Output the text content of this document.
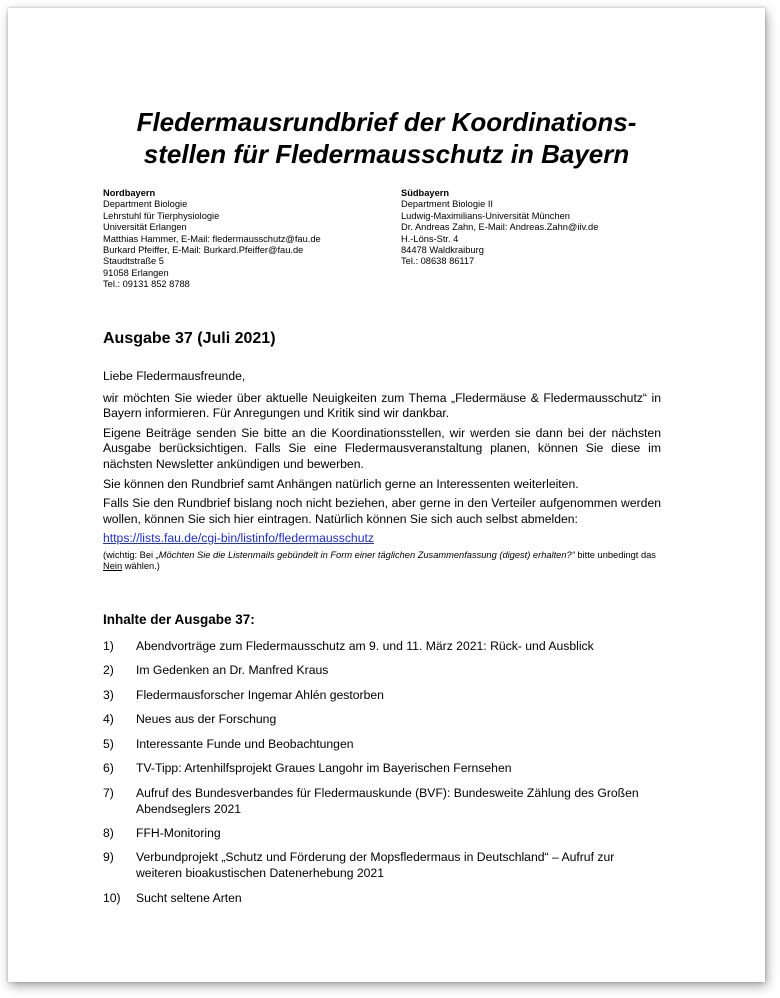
Fledermausrundbrief der Koordinations-
stellen für Fledermausschutz in Bayern
Nordbayern
Department Biologie
Lehrstuhl für Tierphysiologie
Universität Erlangen
Matthias Hammer, E-Mail: fledermausschutz@fau.de
Burkard Pfeiffer, E-Mail: Burkard.Pfeiffer@fau.de
Staudtstraße 5
91058 Erlangen
Tel.: 09131 852 8788
Südbayern
Department Biologie II
Ludwig-Maximilians-Universität München
Dr. Andreas Zahn, E-Mail: Andreas.Zahn@iiv.de
H.-Löns-Str. 4
84478 Waldkraiburg
Tel.: 08638 86117
Ausgabe 37 (Juli 2021)

Liebe Fledermausfreunde,

wir möchten Sie wieder über aktuelle Neuigkeiten zum Thema „Fledermäuse & Fledermausschutz“ in Bayern informieren. Für Anregungen und Kritik sind wir dankbar.

Eigene Beiträge senden Sie bitte an die Koordinationsstellen, wir werden sie dann bei der nächsten Ausgabe berücksichtigen. Falls Sie eine Fledermausveranstaltung planen, können Sie diese im nächsten Newsletter ankündigen und bewerben.

Sie können den Rundbrief samt Anhängen natürlich gerne an Interessenten weiterleiten.

Falls Sie den Rundbrief bislang noch nicht beziehen, aber gerne in den Verteiler aufgenommen werden wollen, können Sie sich hier eintragen. Natürlich können Sie sich auch selbst abmelden:

https://lists.fau.de/cgi-bin/listinfo/fledermausschutz
(wichtig: Bei „Möchten Sie die Listenmails gebündelt in Form einer täglichen Zusammenfassung (digest) erhalten?“ bitte unbedingt das Nein wählen.)
Inhalte der Ausgabe 37:
1)	Abendvorträge zum Fledermausschutz am 9. und 11. März 2021: Rück- und Ausblick
2)	Im Gedenken an Dr. Manfred Kraus
3)	Fledermausforscher Ingemar Ahlén gestorben
4)	Neues aus der Forschung
5)	Interessante Funde und Beobachtungen
6)	TV-Tipp: Artenhilfsprojekt Graues Langohr im Bayerischen Fernsehen
7)	Aufruf des Bundesverbandes für Fledermauskunde (BVF): Bundesweite Zählung des Großen Abendseglers 2021
8)	FFH-Monitoring
9)	Verbundprojekt „Schutz und Förderung der Mopsfledermaus in Deutschland“ – Aufruf zur weiteren bioakustischen Datenerhebung 2021
10)	Sucht seltene Arten
